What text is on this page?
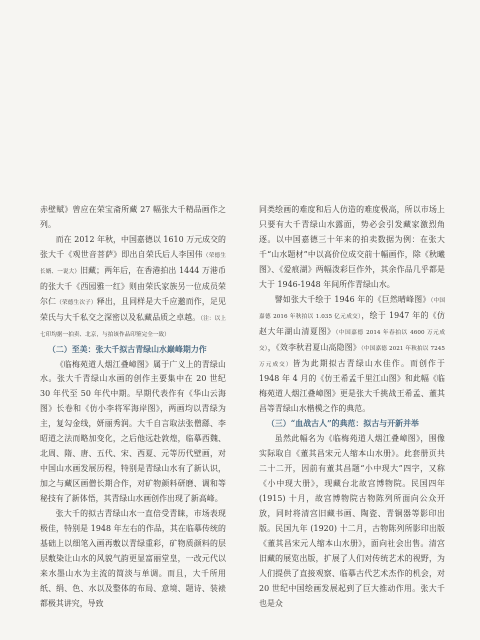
赤壁赋》曾应在荣宝斋所藏 27 幅张大千精品画作之列。

而在 2012 年秋，中国嘉德以 1610 万元成交的张大千《观世音菩萨》即出自荣氏后人李国伟（荣德生长婿、一说大）旧藏；两年后，在香港拍出 1444 万港币的张大千《西园雅一红》则由荣氏家族另一位成员荣尔仁（荣德生次子）释出，且同样是大千应邀而作，足见荣氏与大千私交之深密以及私藏品质之卓越。（注：以上七印均据一拍卖、北京，与拍该作品印鉴完全一致）

（二）至美：张大千拟古青绿山水巅峰期力作

《临梅苑道人烟江叠嶂图》属于广义上的青绿山水。张大千青绿山水画的创作主要集中在 20 世纪 30 年代至 50 年代中期。早期代表作有《华山云海图》长卷和《仿小李将军海岸图》，两画均以青绿为主，复勾金线，妍丽秀润。大千自言取法张僧繇、李昭道之法而略加变化，之后他远赴敦煌，临摹西魏、北周、隋、唐、五代、宋、西夏、元等历代壁画，对中国山水画发展历程，特别是青绿山水有了新认识，加之与藏区画僧长期合作，对矿物颜料研磨、调和等秘技有了新体悟，其青绿山水画创作出现了新高峰。

张大千的拟古青绿山水一直倍受青睐，市场表现极佳，特别是 1948 年左右的作品，其在临摹传统的基础上以细笔入画再敷以青绿重彩，矿物质颜料的层层敷染让山水的风貌气韵更显富丽堂皇，一改元代以来水墨山水为主流的简淡与单调。而且，大千所用纸、绢、色、水以及整体的布局、意境、题诗、装裱都极其讲究，导致

同类绘画的难度和后人仿造的难度极高，所以市场上只要有大千青绿山水露面，势必会引发藏家激烈角逐。以中国嘉德三十年来的拍卖数据为例：在张大千“山水题材”中以高价位成交前十幅画作，除《秋曦图》、《爱痕湖》两幅泼彩巨作外，其余作品几乎都是大于 1946-1948 年间所作青绿山水。

譬如张大千绘于 1946 年的《巨然晴峰图》（中国嘉德 2016 年秋拍以 1.035 亿元成交），绘于 1947 年的《仿赵大年湖山清夏图》（中国嘉德 2014 年春拍以 4600 万元成交），《效李秋君夏山高隐图》（中国嘉德 2021 年秋拍以 7245 万元成交）皆为此期拟古青绿山水佳作。而创作于 1948 年 4 月的《仿王希孟千里江山图》和此幅《临梅苑道人烟江叠嶂图》更是张大千挑战王希孟、董其昌等青绿山水楷模之作的典范。

（三）“血战古人”的典范：拟古与开新并举

虽然此幅名为《临梅苑道人烟江叠嶂图》，围像实际取自《董其昌宋元人缩本山水册》。此套册页共二十二开，因前有董其昌题“小中现大”四字，又称《小中现大册》，现藏台北故宫博物院。民国四年 (1915) 十月，故宫博物院古物陈列所面向公众开放，同时将清宫旧藏书画、陶瓷、青铜器等影印出版。民国九年 (1920) 十二月，古物陈列所影印出版《董其昌宋元人缩本山水册》，面向社会出售。清宫旧藏的展览出版，扩展了人们对传统艺术的视野，为人们提供了直接观察、临摹古代艺术杰作的机会，对 20 世纪中国绘画发展起到了巨大推动作用。张大千也是众
